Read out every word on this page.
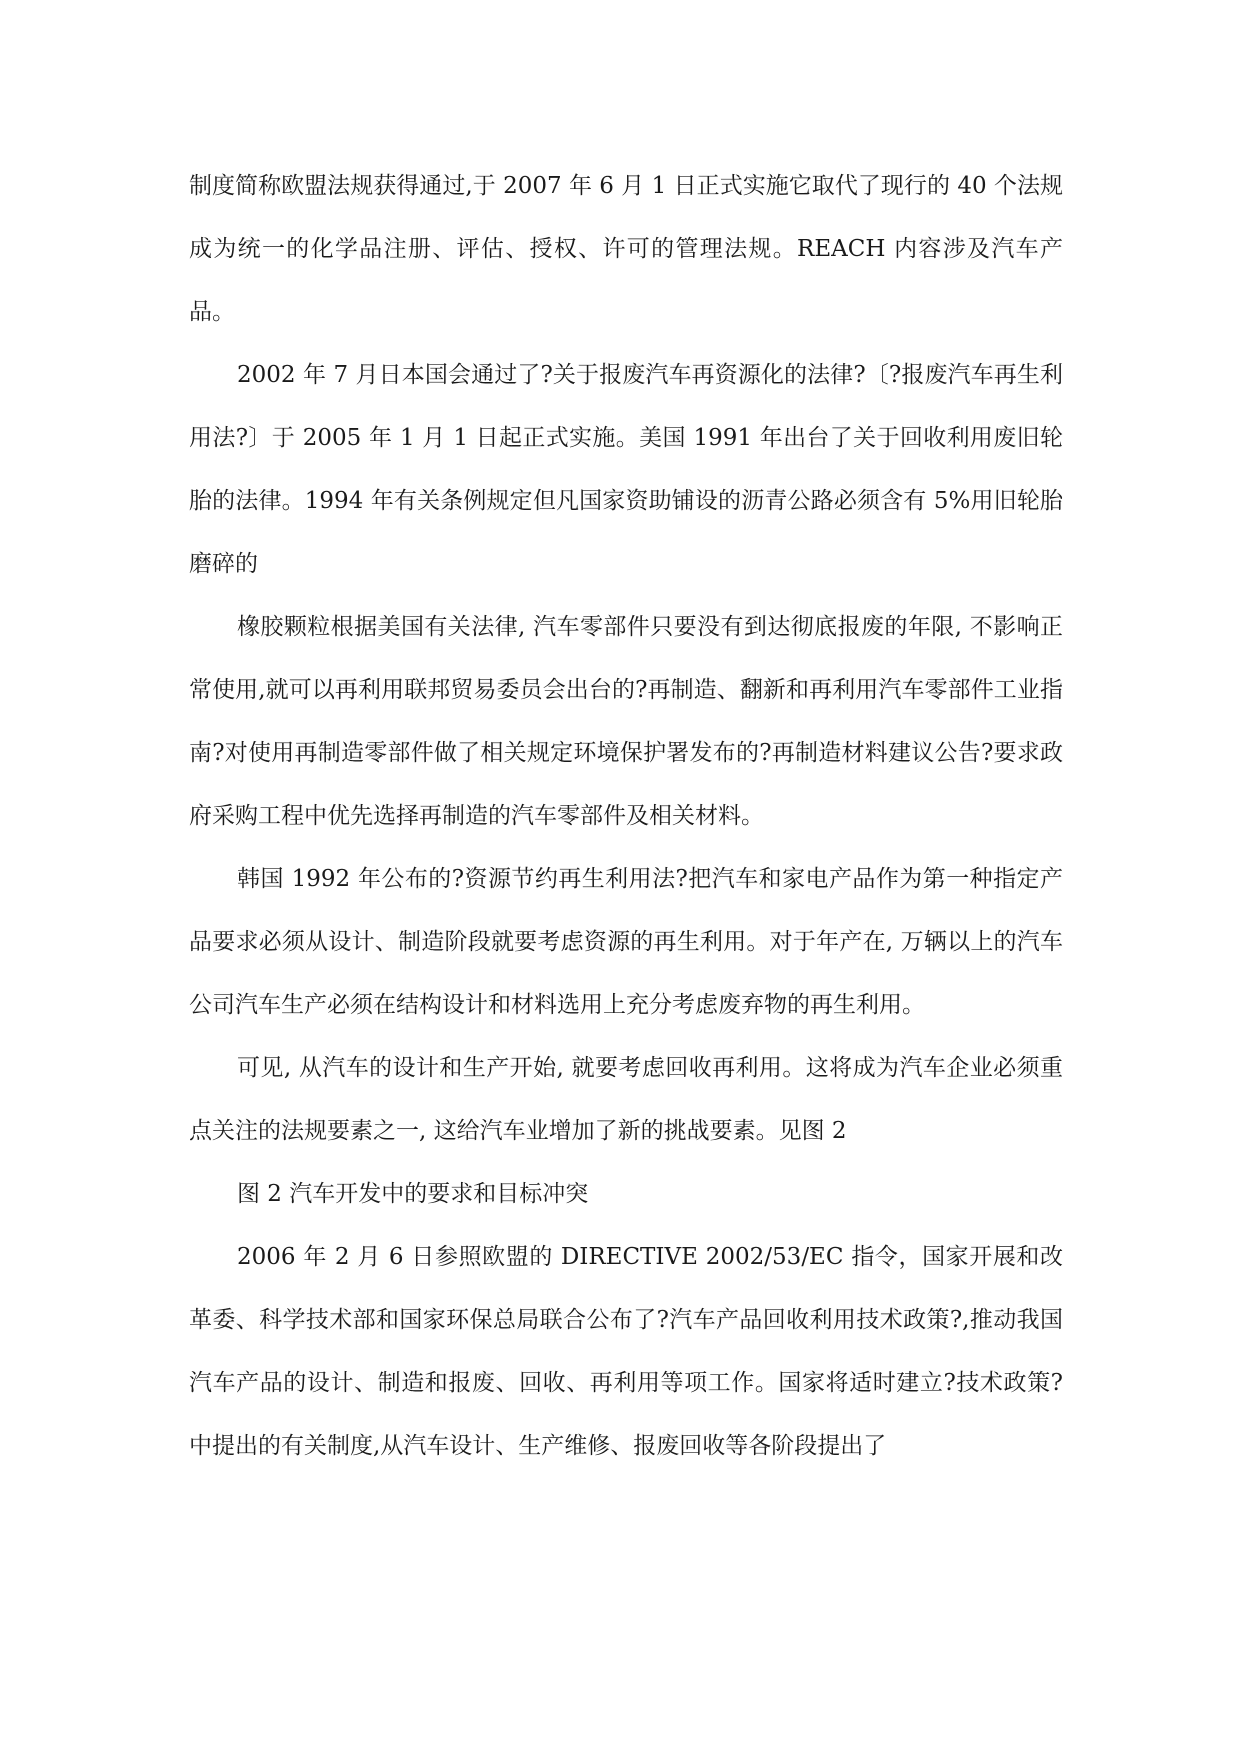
制度简称欧盟法规获得通过,于 2007 年 6 月 1 日正式实施它取代了现行的 40 个法规成为统一的化学品注册、评估、授权、许可的管理法规。REACH 内容涉及汽车产品。

2002 年 7 月日本国会通过了?关于报废汽车再资源化的法律?〔?报废汽车再生利用法?〕于 2005 年 1 月 1 日起正式实施。美国 1991 年出台了关于回收利用废旧轮胎的法律。1994 年有关条例规定但凡国家资助铺设的沥青公路必须含有 5%用旧轮胎磨碎的

橡胶颗粒根据美国有关法律, 汽车零部件只要没有到达彻底报废的年限, 不影响正常使用,就可以再利用联邦贸易委员会出台的?再制造、翻新和再利用汽车零部件工业指南?对使用再制造零部件做了相关规定环境保护署发布的?再制造材料建议公告?要求政府采购工程中优先选择再制造的汽车零部件及相关材料。

韩国 1992 年公布的?资源节约再生利用法?把汽车和家电产品作为第一种指定产品要求必须从设计、制造阶段就要考虑资源的再生利用。对于年产在, 万辆以上的汽车公司汽车生产必须在结构设计和材料选用上充分考虑废弃物的再生利用。

可见, 从汽车的设计和生产开始, 就要考虑回收再利用。这将成为汽车企业必须重点关注的法规要素之一, 这给汽车业增加了新的挑战要素。见图 2

图 2 汽车开发中的要求和目标冲突

2006 年 2 月 6 日参照欧盟的 DIRECTIVE 2002/53/EC 指令，国家开展和改革委、科学技术部和国家环保总局联合公布了?汽车产品回收利用技术政策?,推动我国汽车产品的设计、制造和报废、回收、再利用等项工作。国家将适时建立?技术政策?中提出的有关制度,从汽车设计、生产维修、报废回收等各阶段提出了
